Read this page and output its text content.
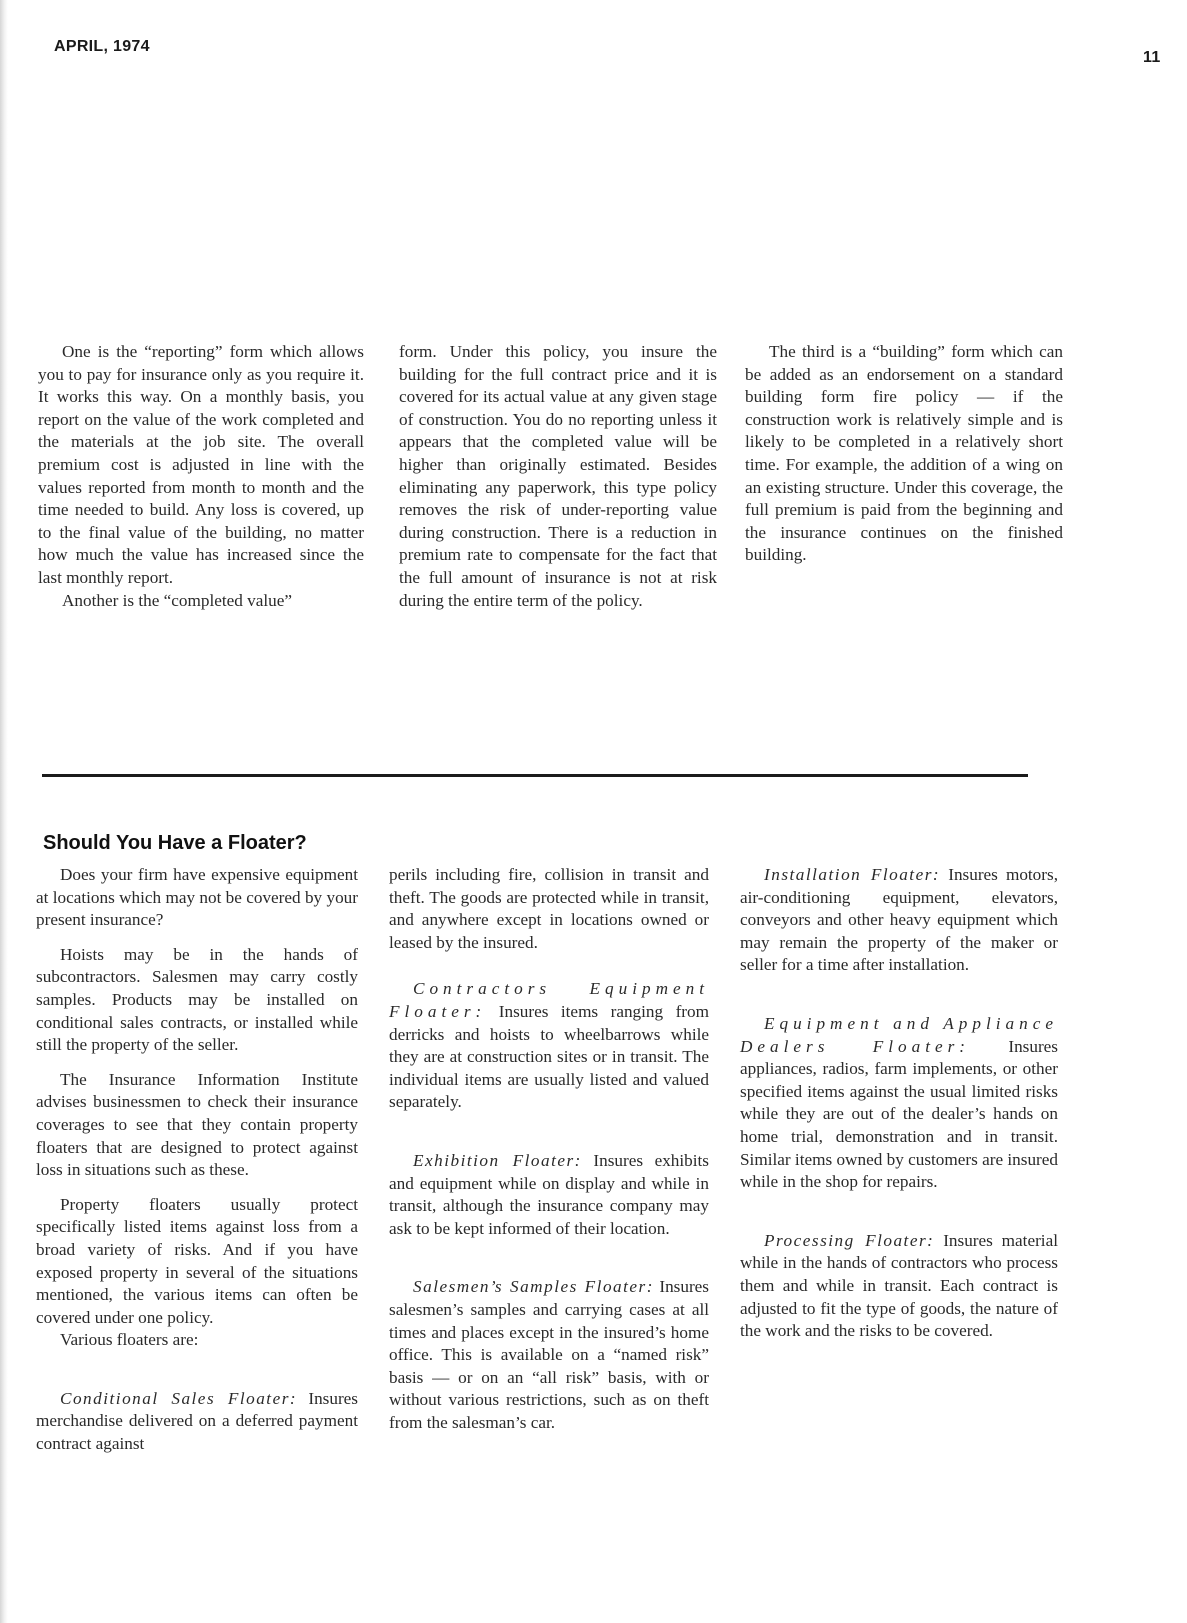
APRIL, 1974
11

One is the “reporting” form which allows you to pay for insurance only as you require it. It works this way. On a monthly basis, you report on the value of the work completed and the materials at the job site. The overall premium cost is adjusted in line with the values reported from month to month and the time needed to build. Any loss is covered, up to the final value of the building, no matter how much the value has increased since the last monthly report.

Another is the “completed value”

form. Under this policy, you insure the building for the full contract price and it is covered for its actual value at any given stage of construction. You do no reporting unless it appears that the completed value will be higher than originally estimated. Besides eliminating any paperwork, this type policy removes the risk of under-reporting value during construction. There is a reduction in premium rate to compensate for the fact that the full amount of insurance is not at risk during the entire term of the policy.

The third is a “building” form which can be added as an endorsement on a standard building form fire policy — if the construction work is relatively simple and is likely to be completed in a relatively short time. For example, the addition of a wing on an existing structure. Under this coverage, the full premium is paid from the beginning and the insurance continues on the finished building.

Should You Have a Floater?

Does your firm have expensive equipment at locations which may not be covered by your present insurance?

Hoists may be in the hands of subcontractors. Salesmen may carry costly samples. Products may be installed on conditional sales contracts, or installed while still the property of the seller.

The Insurance Information Institute advises businessmen to check their insurance coverages to see that they contain property floaters that are designed to protect against loss in situations such as these.

Property floaters usually protect specifically listed items against loss from a broad variety of risks. And if you have exposed property in several of the situations mentioned, the various items can often be covered under one policy.

Various floaters are:

Conditional Sales Floater: Insures merchandise delivered on a deferred payment contract against

perils including fire, collision in transit and theft. The goods are protected while in transit, and anywhere except in locations owned or leased by the insured.

Contractors Equipment Floater: Insures items ranging from derricks and hoists to wheelbarrows while they are at construction sites or in transit. The individual items are usually listed and valued separately.

Exhibition Floater: Insures exhibits and equipment while on display and while in transit, although the insurance company may ask to be kept informed of their location.

Salesmen’s Samples Floater: Insures salesmen’s samples and carrying cases at all times and places except in the insured’s home office. This is available on a “named risk” basis — or on an “all risk” basis, with or without various restrictions, such as on theft from the salesman’s car.

Installation Floater: Insures motors, air-conditioning equipment, elevators, conveyors and other heavy equipment which may remain the property of the maker or seller for a time after installation.

Equipment and Appliance Dealers Floater: Insures appliances, radios, farm implements, or other specified items against the usual limited risks while they are out of the dealer’s hands on home trial, demonstration and in transit. Similar items owned by customers are insured while in the shop for repairs.

Processing Floater: Insures material while in the hands of contractors who process them and while in transit. Each contract is adjusted to fit the type of goods, the nature of the work and the risks to be covered.
